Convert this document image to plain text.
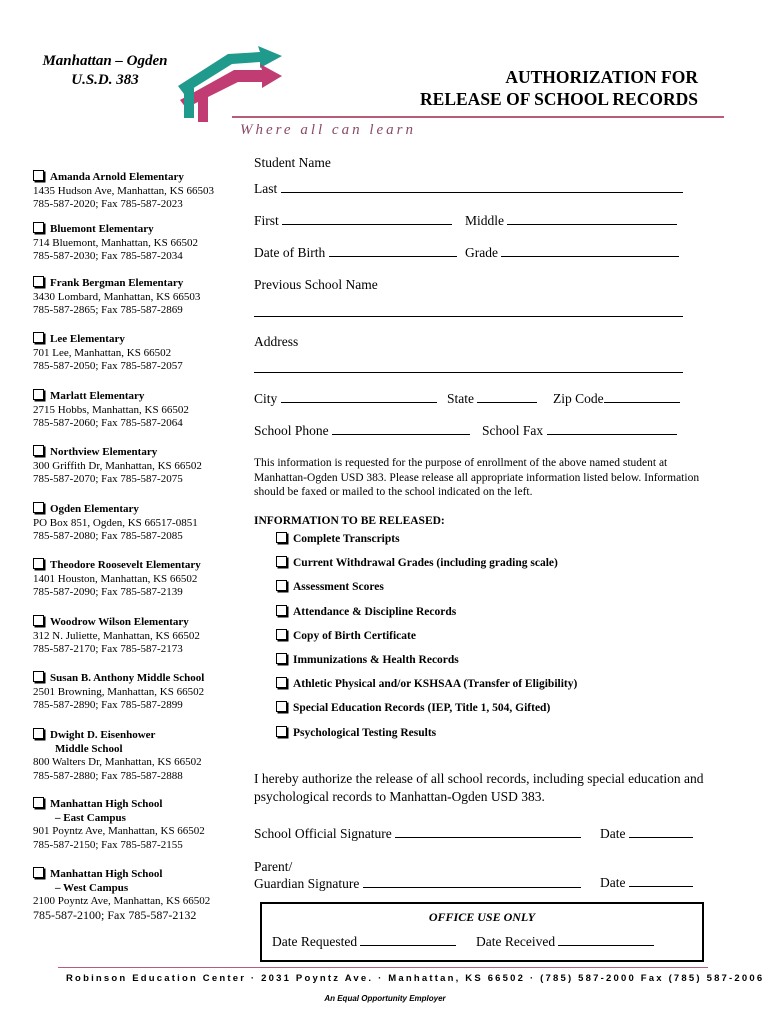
Manhattan – Ogden
U.S.D. 383	AUTHORIZATION FOR
RELEASE OF SCHOOL RECORDS
Where all can learn
Amanda Arnold Elementary
1435 Hudson Ave, Manhattan, KS 66503
785-587-2020; Fax 785-587-2023
Bluemont Elementary
714 Bluemont, Manhattan, KS 66502
785-587-2030; Fax 785-587-2034
Frank Bergman Elementary
3430 Lombard, Manhattan, KS 66503
785-587-2865; Fax 785-587-2869
Lee Elementary
701 Lee, Manhattan, KS 66502
785-587-2050; Fax 785-587-2057
Marlatt Elementary
2715 Hobbs, Manhattan, KS 66502
785-587-2060; Fax 785-587-2064
Northview Elementary
300 Griffith Dr, Manhattan, KS 66502
785-587-2070; Fax 785-587-2075
Ogden Elementary
PO Box 851, Ogden, KS 66517-0851
785-587-2080; Fax 785-587-2085
Theodore Roosevelt Elementary
1401 Houston, Manhattan, KS 66502
785-587-2090; Fax 785-587-2139
Woodrow Wilson Elementary
312 N. Juliette, Manhattan, KS 66502
785-587-2170; Fax 785-587-2173
Susan B. Anthony Middle School
2501 Browning, Manhattan, KS 66502
785-587-2890; Fax 785-587-2899
Dwight D. Eisenhower
Middle School
800 Walters Dr, Manhattan, KS 66502
785-587-2880; Fax 785-587-2888
Manhattan High School
– East Campus
901 Poyntz Ave, Manhattan, KS 66502
785-587-2150; Fax 785-587-2155
Manhattan High School
– West Campus
2100 Poyntz Ave, Manhattan, KS 66502
785-587-2100; Fax 785-587-2132
Student Name
Last
First	Middle
Date of Birth	Grade
Previous School Name
Address
City	State	Zip Code
School Phone	School Fax
This information is requested for the purpose of enrollment of the above named student at Manhattan-Ogden USD 383. Please release all appropriate information listed below. Information should be faxed or mailed to the school indicated on the left.
INFORMATION TO BE RELEASED:
Complete Transcripts
Current Withdrawal Grades (including grading scale)
Assessment Scores
Attendance & Discipline Records
Copy of Birth Certificate
Immunizations & Health Records
Athletic Physical and/or KSHSAA (Transfer of Eligibility)
Special Education Records (IEP, Title 1, 504, Gifted)
Psychological Testing Results
I hereby authorize the release of all school records, including special education and psychological records to Manhattan-Ogden USD 383.
School Official Signature	Date
Parent/
Guardian Signature	Date
OFFICE USE ONLY
Date Requested	Date Received
Robinson Education Center · 2031 Poyntz Ave. · Manhattan, KS 66502 · (785) 587-2000 Fax (785) 587-2006
An Equal Opportunity Employer
